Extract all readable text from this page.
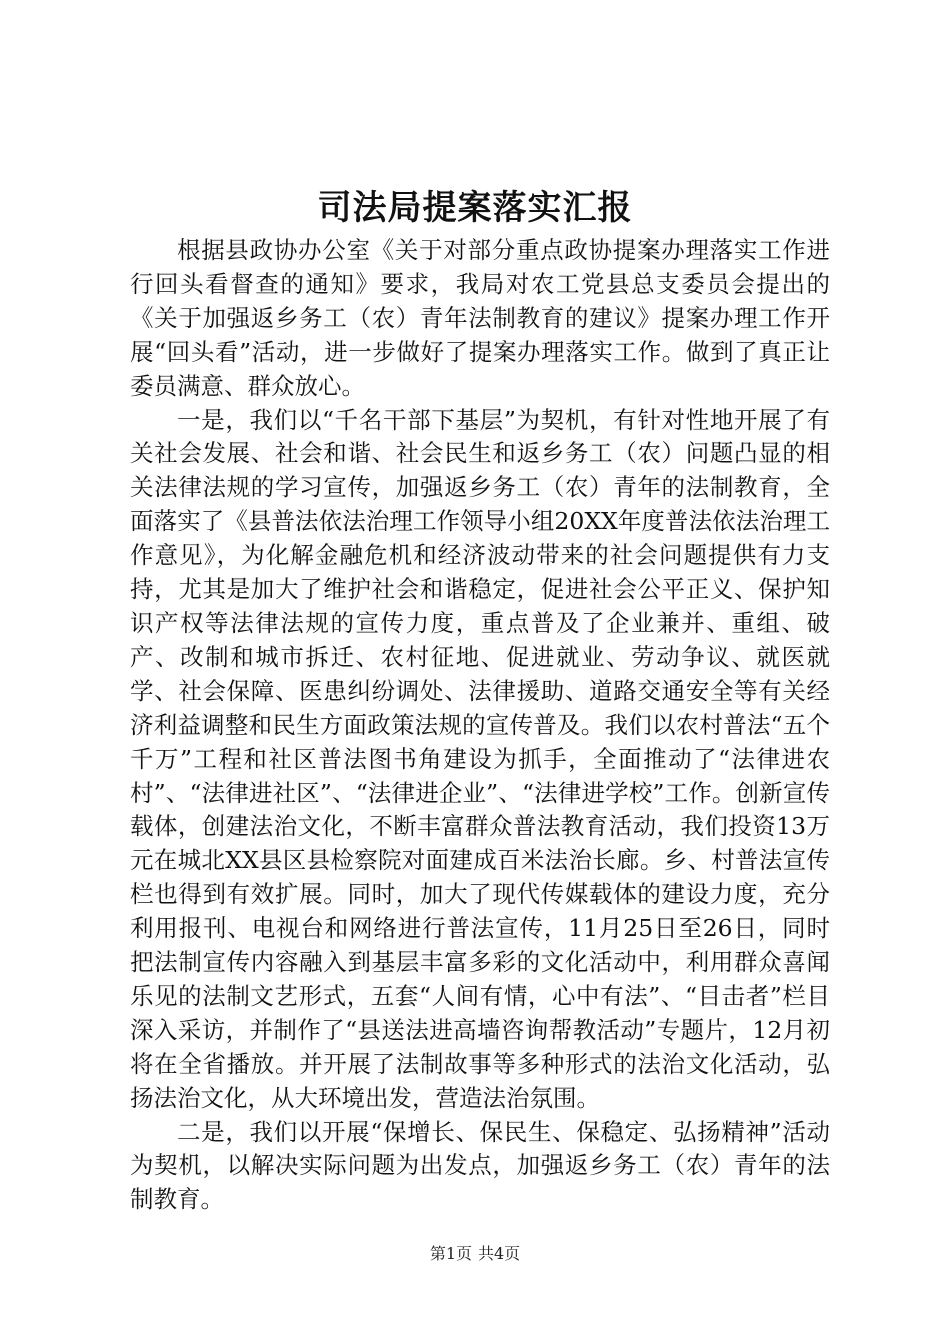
司法局提案落实汇报

根据县政协办公室《关于对部分重点政协提案办理落实工作进行回头看督查的通知》要求，我局对农工党县总支委员会提出的《关于加强返乡务工（农）青年法制教育的建议》提案办理工作开展“回头看”活动，进一步做好了提案办理落实工作。做到了真正让委员满意、群众放心。

一是，我们以“千名干部下基层”为契机，有针对性地开展了有关社会发展、社会和谐、社会民生和返乡务工（农）问题凸显的相关法律法规的学习宣传，加强返乡务工（农）青年的法制教育，全面落实了《县普法依法治理工作领导小组20XX年度普法依法治理工作意见》，为化解金融危机和经济波动带来的社会问题提供有力支持，尤其是加大了维护社会和谐稳定，促进社会公平正义、保护知识产权等法律法规的宣传力度，重点普及了企业兼并、重组、破产、改制和城市拆迁、农村征地、促进就业、劳动争议、就医就学、社会保障、医患纠纷调处、法律援助、道路交通安全等有关经济利益调整和民生方面政策法规的宣传普及。我们以农村普法“五个千万”工程和社区普法图书角建设为抓手，全面推动了“法律进农村”、“法律进社区”、“法律进企业”、“法律进学校”工作。创新宣传载体，创建法治文化，不断丰富群众普法教育活动，我们投资13万元在城北XX县区县检察院对面建成百米法治长廊。乡、村普法宣传栏也得到有效扩展。同时，加大了现代传媒载体的建设力度，充分利用报刊、电视台和网络进行普法宣传，11月25日至26日，同时把法制宣传内容融入到基层丰富多彩的文化活动中，利用群众喜闻乐见的法制文艺形式，五套“人间有情，心中有法”、“目击者”栏目深入采访，并制作了“县送法进高墙咨询帮教活动”专题片，12月初将在全省播放。并开展了法制故事等多种形式的法治文化活动，弘扬法治文化，从大环境出发，营造法治氛围。

二是，我们以开展“保增长、保民生、保稳定、弘扬精神”活动为契机，以解决实际问题为出发点，加强返乡务工（农）青年的法制教育。

第1页 共4页
